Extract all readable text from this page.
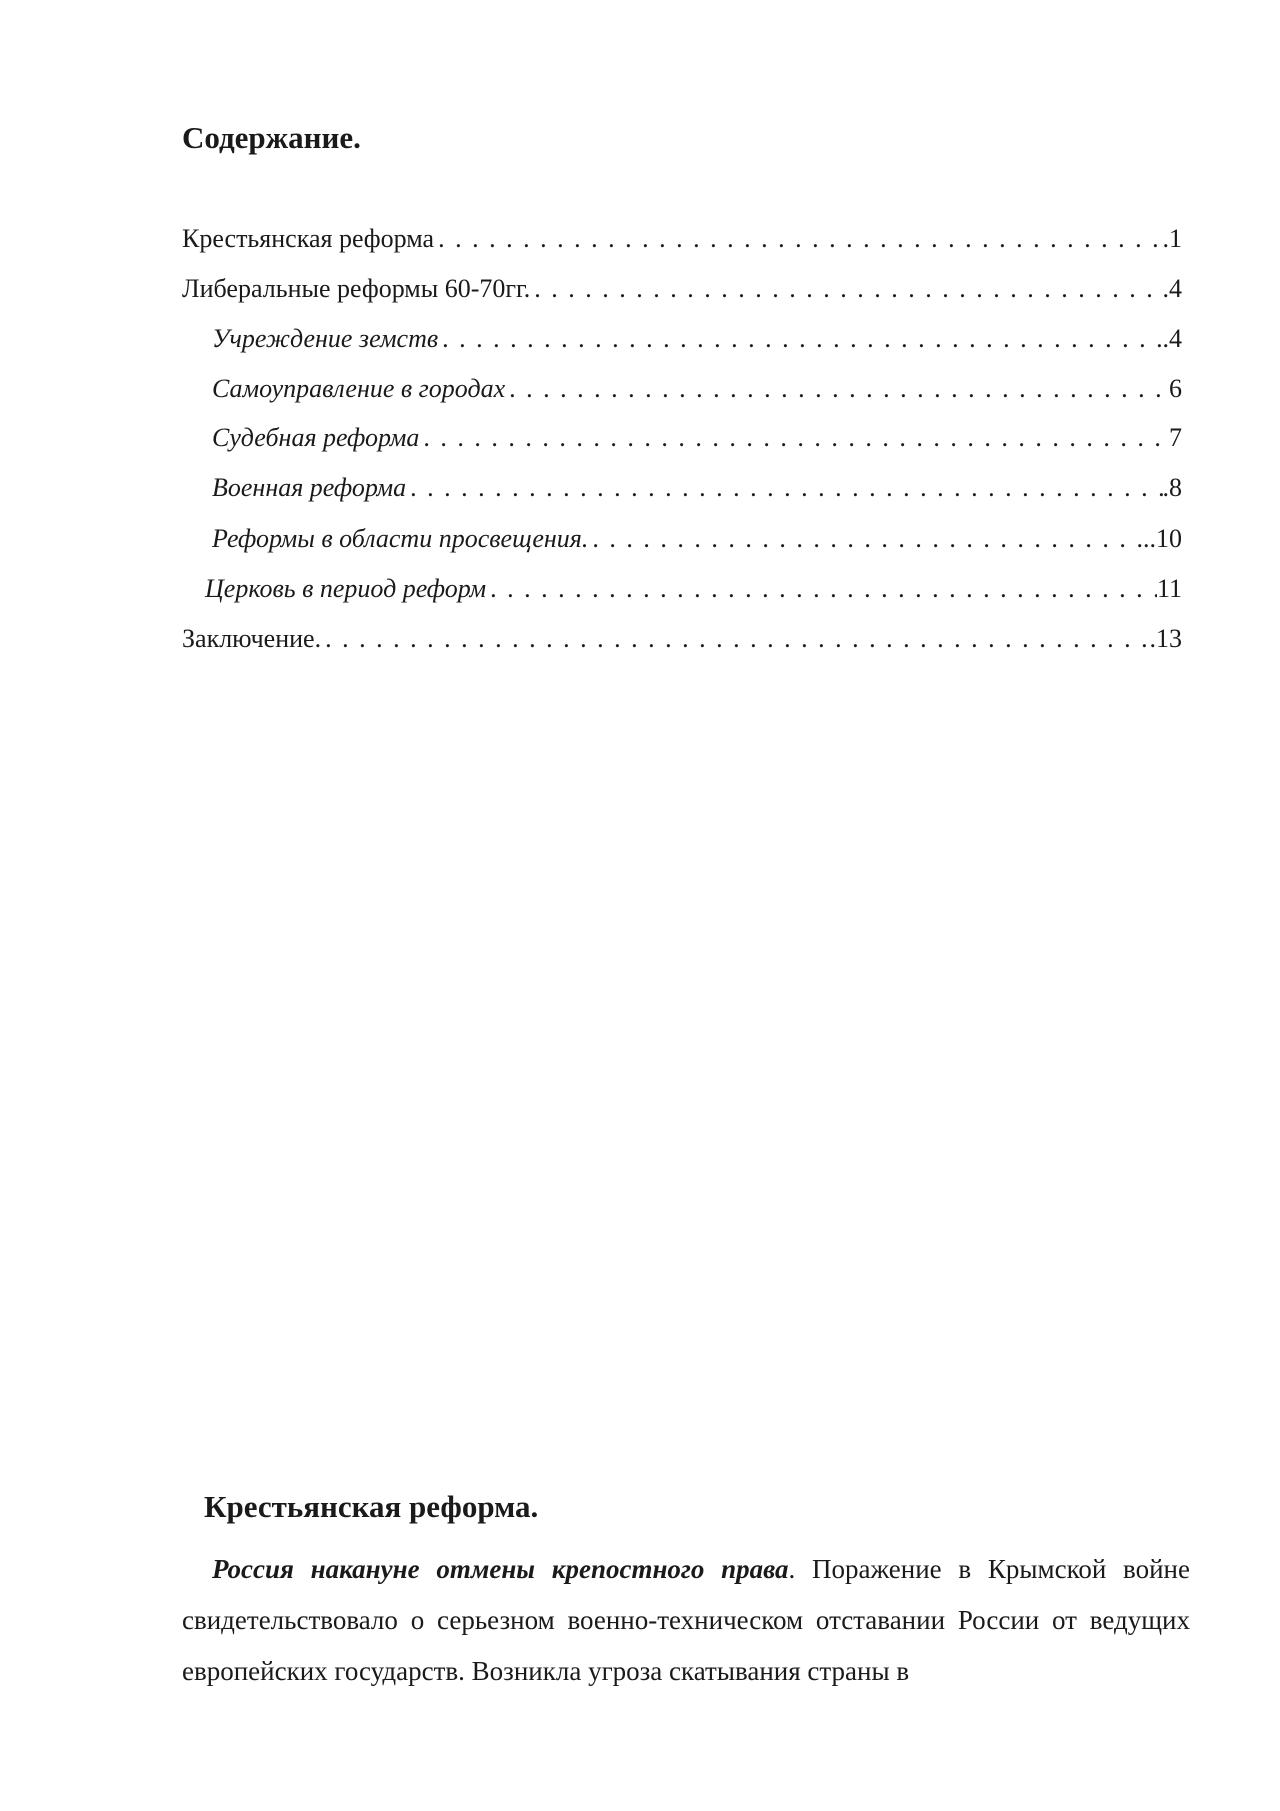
Содержание.
Крестьянская реформа . . .	.1
Либеральные реформы 60-70гг. . . .	.4
Учреждение земств . . .	.4
Самоуправление в городах . . .	6
Судебная реформа . . .	7
Военная реформа . . .	.8
Реформы в области просвещения. . . .	...10
Церковь в период реформ . . .	11
Заключение. . . .	.13
Крестьянская реформа.

Россия накануне отмены крепостного права. Поражение в Крымской войне свидетельствовало о серьезном военно-техническом отставании России от ведущих европейских государств. Возникла угроза скатывания страны в
